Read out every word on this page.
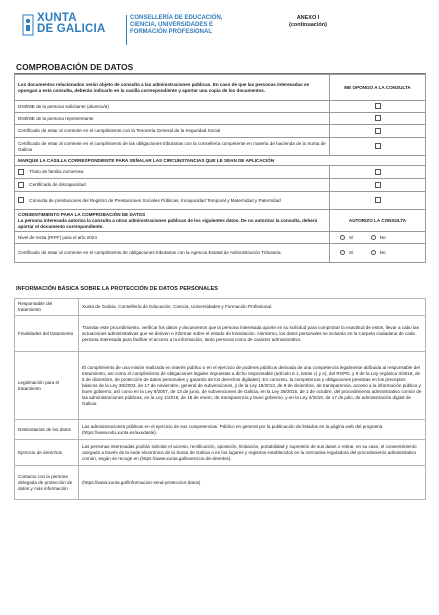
XUNTA
DE GALICIA
CONSELLERÍA DE EDUCACIÓN,
CIENCIA, UNIVERSIDADES E
FORMACIÓN PROFESIONAL
ANEXO I
(continuación)
COMPROBACIÓN DE DATOS
Los documentos relacionados serán objeto de consulta a las administraciones públicas. En caso de que las personas interesadas se opongan a esta consulta, deberán indicarlo en la casilla correspondiente y aportar una copia de los documentos.	ME OPONGO A LA CONSULTA
DNI/NIE de la persona solicitante (alumno/a)	
DNI/NIE de la persona representante	
Certificado de estar al corriente en el cumplimiento con la Tesorería General de la Seguridad Social	
Certificado de estar al corriente en el cumplimiento de las obligaciones tributarias con la consellería competente en materia de hacienda de la Xunta de Galicia	
MARQUE LA CASILLA CORRESPONDIENTE PARA SEÑALAR LAS CIRCUNSTANCIAS QUE LE SEAN DE APLICACIÓN	
Título de familia numerosa	
Certificado de discapacidad	
Consulta de prestaciones del Registro de Prestaciones Sociales Públicas, Incapacidad Temporal y Maternidad y Paternidad	

CONSENTIMIENTO PARA LA COMPROBACIÓN DE DATOS
La persona interesada autoriza la consulta a otras administraciones públicas de los siguientes datos. De no autorizar la consulta, deberá aportar el documento correspondiente.	AUTORIZO LA CONSULTA
Nivel de renta (IRPF) para el año 2024	Sí No
Certificado de estar al corriente en el cumplimiento de obligaciones tributarias con la Agencia Estatal de Administración Tributaria	Sí No
INFORMACIÓN BÁSICA SOBRE LA PROTECCIÓN DE DATOS PERSONALES
Responsable del tratamiento	Xunta de Galicia. Consellería de Educación, Ciencia, Universidades y Formación Profesional.
Finalidades del tratamiento	Tramitar este procedimiento, verificar los datos y documentos que la persona interesada aporte en su solicitud para comprobar la exactitud de estos, llevar a cabo las actuaciones administrativas que se deriven e informar sobre el estado de tramitación. Asimismo, los datos personales se incluirán en la Carpeta ciudadana de cada persona interesada para facilitar el acceso a la información, tanto personal como de carácter administrativo.
Legitimación para el tratamiento	El cumplimiento de una misión realizada en interés público o en el ejercicio de poderes públicos derivada de una competencia legalmente atribuida al responsable del tratamiento, así como el cumplimiento de obligaciones legales impuestas a dicho responsable (artículo 6.1, letras c) y e), del RGPD, y 8 de la Ley orgánica 3/2018, de 5 de diciembre, de protección de datos personales y garantía de los derechos digitales). En concreto, la competencia y obligaciones previstas en los preceptos básicos de la Ley 38/2003, de 17 de noviembre, general de subvenciones, y de la Ley 19/2013, de 9 de diciembre, de transparencia, acceso a la información pública y buen gobierno, así como en la Ley 9/2007, de 13 de junio, de subvenciones de Galicia, en la Ley 39/2015, de 1 de octubre, del procedimiento administrativo común de las administraciones públicas, en la Ley 1/2016, de 18 de enero, de transparencia y buen gobierno, y en la Ley 4/2019, de 17 de julio, de administración digital de Galicia.
Destinatarias de los datos	Las administraciones públicas en el ejercicio de sus competencias. Público en general por la publicación de listados en la página web del programa (https://www.edu.xunta.es/axudasle).
Ejercicio de derechos	Las personas interesadas podrán solicitar el acceso, rectificación, oposición, limitación, portabilidad y supresión de sus datos o retirar, en su caso, el consentimiento otorgado a través de la sede electrónica de la Xunta de Galicia o en los lugares y registros establecidos en la normativa reguladora del procedimiento administrativo común, según se recoge en (https://www.xunta.gal/exercicio-de-dereitos).
Contacto con la persona delegada de protección de datos y más información	(https://www.xunta.gal/informacion-xeral-proteccion-datos)
